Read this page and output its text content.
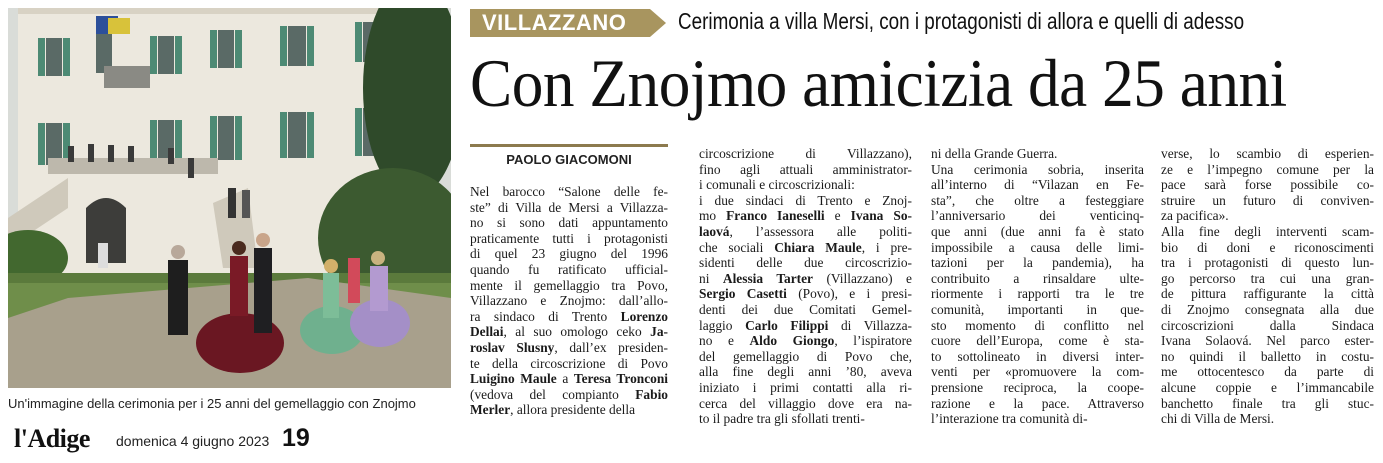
Un'immagine della cerimonia per i 25 anni del gemellaggio con Znojmo
l'Adige domenica 4 giugno 2023 19
VILLAZZANO Cerimonia a villa Mersi, con i protagonisti di allora e quelli di adesso
Con Znojmo amicizia da 25 anni
PAOLO GIACOMONI
Nel barocco “Salone delle fe-
ste” di Villa de Mersi a Villazza-
no si sono dati appuntamento
praticamente tutti i protagonisti
di quel 23 giugno del 1996
quando fu ratificato ufficial-
mente il gemellaggio tra Povo,
Villazzano e Znojmo: dall’allo-
ra sindaco di Trento Lorenzo
Dellai, al suo omologo ceko Ja-
roslav Slusny, dall’ex presiden-
te della circoscrizione di Povo
Luigino Maule a Teresa Tronconi
(vedova del compianto Fabio
Merler, allora presidente della
circoscrizione di Villazzano),
fino agli attuali amministrator-
i comunali e circoscrizionali:
i due sindaci di Trento e Znoj-
mo Franco Ianeselli e Ivana So-
laová, l’assessora alle politi-
che sociali Chiara Maule, i pre-
sidenti delle due circoscrizio-
ni Alessia Tarter (Villazzano) e
Sergio Casetti (Povo), e i presi-
denti dei due Comitati Gemel-
laggio Carlo Filippi di Villazza-
no e Aldo Giongo, l’ispiratore
del gemellaggio di Povo che,
alla fine degli anni ’80, aveva
iniziato i primi contatti alla ri-
cerca del villaggio dove era na-
to il padre tra gli sfollati trenti-
ni della Grande Guerra.
Una cerimonia sobria, inserita
all’interno di “Vilazan en Fe-
sta”, che oltre a festeggiare
l’anniversario dei venticinq-
que anni (due anni fa è stato
impossibile a causa delle limi-
tazioni per la pandemia), ha
contribuito a rinsaldare ulte-
riormente i rapporti tra le tre
comunità, importanti in que-
sto momento di conflitto nel
cuore dell’Europa, come è sta-
to sottolineato in diversi inter-
venti per «promuovere la com-
prensione reciproca, la coope-
razione e la pace. Attraverso
l’interazione tra comunità di-
verse, lo scambio di esperien-
ze e l’impegno comune per la
pace sarà forse possibile co-
struire un futuro di conviven-
za pacifica».
Alla fine degli interventi scam-
bio di doni e riconoscimenti
tra i protagonisti di questo lun-
go percorso tra cui una gran-
de pittura raffigurante la città
di Znojmo consegnata alla due
circoscrizioni dalla Sindaca
Ivana Solaová. Nel parco ester-
no quindi il balletto in costu-
me ottocentesco da parte di
alcune coppie e l’immancabile
banchetto finale tra gli stuc-
chi di Villa de Mersi.
